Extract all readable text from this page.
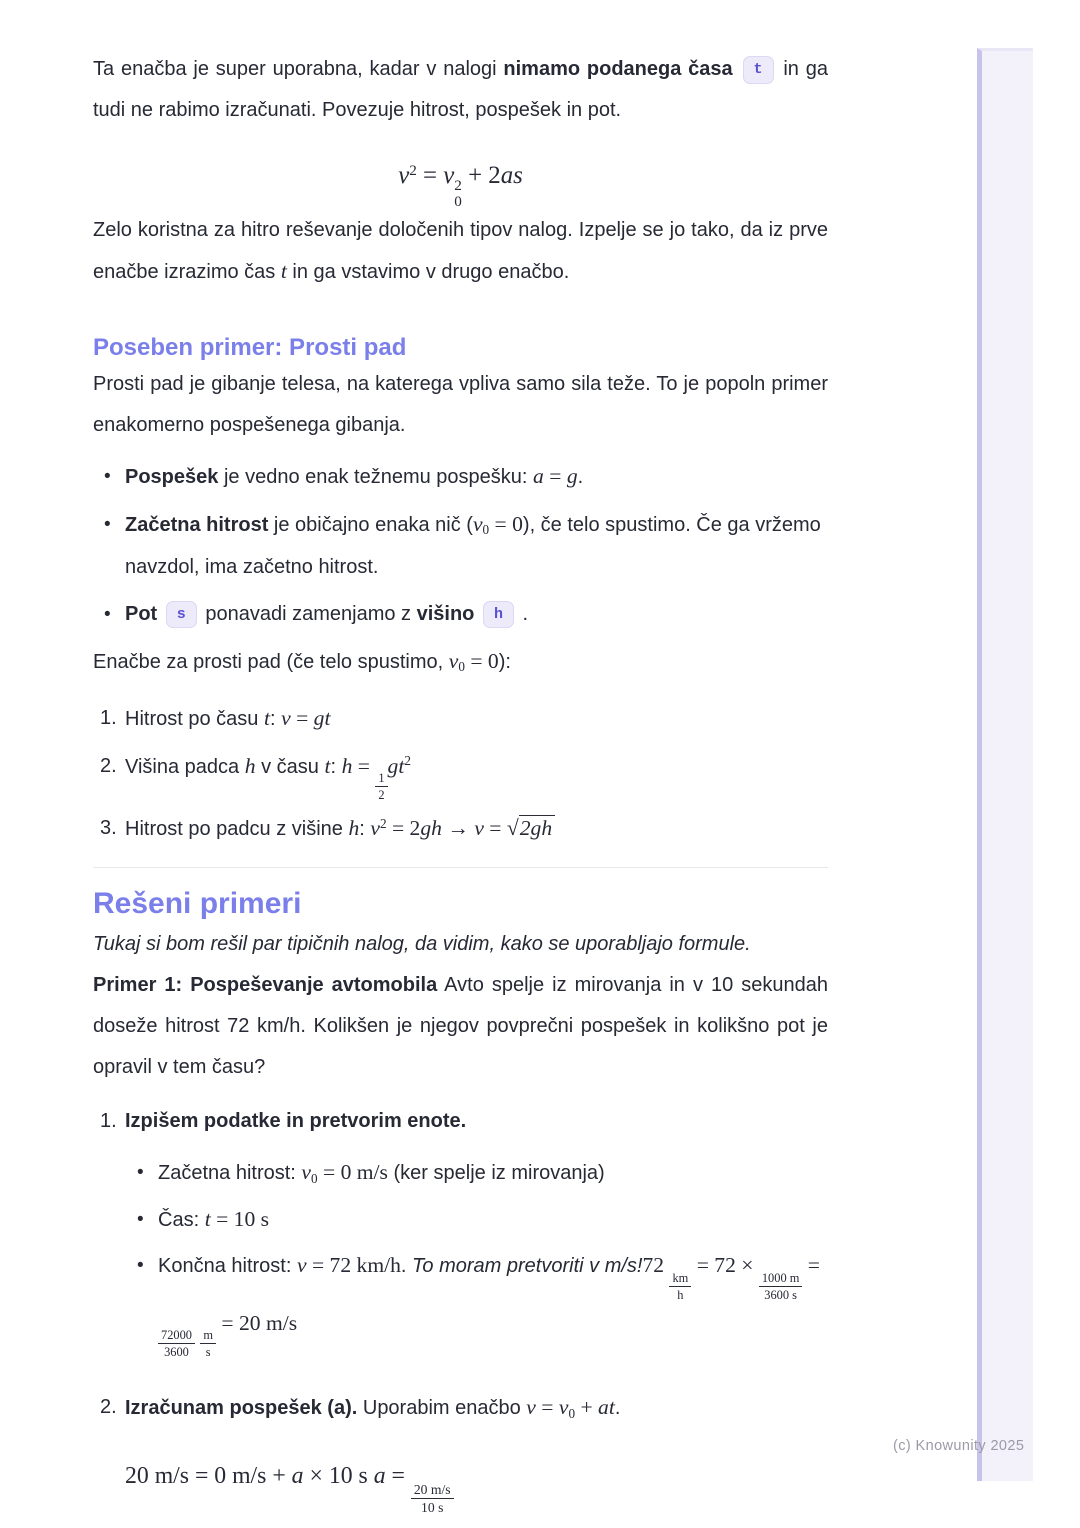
Ta enačba je super uporabna, kadar v nalogi nimamo podanega časa t in ga tudi ne rabimo izračunati. Povezuje hitrost, pospešek in pot.

$v^2 = v$ 2
0
+ 2as

Zelo koristna za hitro reševanje določenih tipov nalog. Izpelje se jo tako, da iz prve enačbe izrazimo čas t in ga vstavimo v drugo enačbo.

Poseben primer: Prosti pad

Prosti pad je gibanje telesa, na katerega vpliva samo sila teže. To je popoln primer enakomerno pospešenega gibanja.

• Pospešek je vedno enak težnemu pospešku: a = g.
• Začetna hitrost je običajno enaka nič (v0 = 0), če telo spustimo. Če ga vržemo navzdol, ima začetno hitrost.
• Pot s ponavadi zamenjamo z višino h .

Enačbe za prosti pad (če telo spustimo, v0 = 0):

1. Hitrost po času t: v = gt
2. Višina padca h v času t: h =
$\frac{1}{2}$
$gt^2$
3. Hitrost po padcu z višine h: $v^2 = 2gh \to v = √2gh$
Rešeni primeri

Tukaj si bom rešil par tipičnih nalog, da vidim, kako se uporabljajo formule.

Primer 1: Pospeševanje avtomobila Avto spelje iz mirovanja in v 10 sekundah doseže hitrost 72 km/h. Kolikšen je njegov povprečni pospešek in kolikšno pot je opravil v tem času?

1. Izpišem podatke in pretvorim enote.
• Začetna hitrost: v0 = 0 m/s (ker spelje iz mirovanja)
• Čas: t = 10 s
• Končna hitrost: v = 72 km/h. To moram pretvoriti v m/s!72
$\frac{km}{h}$
= 72 ×
$\frac{1000 m}{3600 s}$
=
$\frac{72000}{3600}$
$\frac{m}{s}$
= 20 m/s
2. Izračunam pospešek (a). Uporabim enačbo v = v0 + at.
20 m/s = 0 m/s + a × 10 s a =
$\frac{20 m/s}{10 s}$
(c) Knowunity 2025
